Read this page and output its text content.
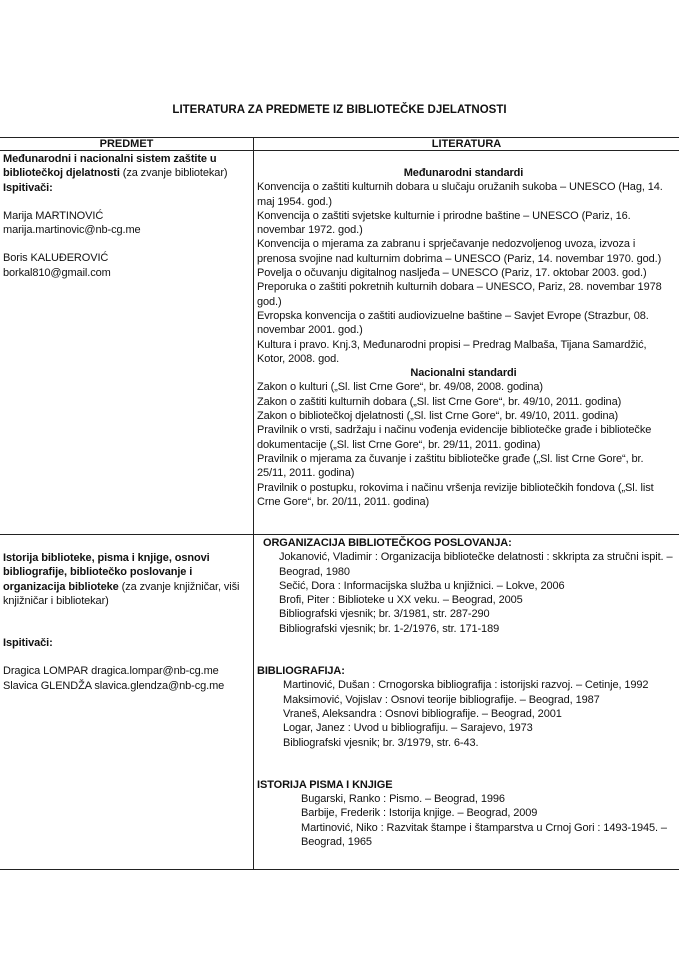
LITERATURA ZA PREDMETE IZ BIBLIOTEČKE DJELATNOSTI
PREDMET	LITERATURA

Međunarodni i nacionalni sistem zaštite u bibliotečkoj djelatnosti (za zvanje bibliotekar)

Ispitivači:

Marija MARTINOVIĆ

marija.martinovic@nb-cg.me

Boris KALUĐEROVIĆ

borkal810@gmail.com

Međunarodni standardi

Konvencija o zaštiti kulturnih dobara u slučaju oružanih sukoba – UNESCO (Hag, 14. maj 1954. god.)

Konvencija o zaštiti svjetske kulturnie i prirodne baštine – UNESCO (Pariz, 16. novembar 1972. god.)

Konvencija o mjerama za zabranu i sprječavanje nedozvoljenog uvoza, izvoza i prenosa svojine nad kulturnim dobrima – UNESCO (Pariz, 14. novembar 1970. god.)

Povelja o očuvanju digitalnog nasljeđa – UNESCO (Pariz, 17. oktobar 2003. god.)

Preporuka o zaštiti pokretnih kulturnih dobara – UNESCO, Pariz, 28. novembar 1978 god.)

Evropska konvencija o zaštiti audiovizuelne baštine – Savjet Evrope (Strazbur, 08. novembar 2001. god.)

Kultura i pravo. Knj.3, Međunarodni propisi – Predrag Malbaša, Tijana Samardžić, Kotor, 2008. god.

Nacionalni standardi

Zakon o kulturi („Sl. list Crne Gore“, br. 49/08, 2008. godina)

Zakon o zaštiti kulturnih dobara („Sl. list Crne Gore“, br. 49/10, 2011. godina)

Zakon o bibliotečkoj djelatnosti („Sl. list Crne Gore“, br. 49/10, 2011. godina)

Pravilnik o vrsti, sadržaju i načinu vođenja evidencije bibliotečke građe i bibliotečke dokumentacije („Sl. list Crne Gore“, br. 29/11, 2011. godina)

Pravilnik o mjerama za čuvanje i zaštitu bibliotečke građe („Sl. list Crne Gore“, br. 25/11, 2011. godina)

Pravilnik o postupku, rokovima i načinu vršenja revizije bibliotečkih fondova („Sl. list Crne Gore“, br. 20/11, 2011. godina)

Istorija biblioteke, pisma i knjige, osnovi bibliografije, bibliotečko poslovanje i organizacija biblioteke (za zvanje knjižničar, viši knjižničar i bibliotekar)

Ispitivači:

Dragica LOMPAR dragica.lompar@nb-cg.me

Slavica GLENDŽA slavica.glendza@nb-cg.me

ORGANIZACIJA BIBLIOTEČKOG POSLOVANJA:

Jokanović, Vladimir : Organizacija bibliotečke delatnosti : skkripta za stručni ispit. – Beograd, 1980

Sečić, Dora : Informacijska služba u knjižnici. – Lokve, 2006

Brofi, Piter : Biblioteke u XX veku. – Beograd, 2005

Bibliografski vjesnik; br. 3/1981, str. 287-290

Bibliografski vjesnik; br. 1-2/1976, str. 171-189

BIBLIOGRAFIJA:

Martinović, Dušan : Crnogorska bibliografija : istorijski razvoj. – Cetinje, 1992

Maksimović, Vojislav : Osnovi teorije bibliografije. – Beograd, 1987

Vraneš, Aleksandra : Osnovi bibliografije. – Beograd, 2001

Logar, Janez : Uvod u bibliografiju. – Sarajevo, 1973

Bibliografski vjesnik; br. 3/1979, str. 6-43.

ISTORIJA PISMA I KNJIGE

Bugarski, Ranko : Pismo. – Beograd, 1996

Barbije, Frederik : Istorija knjige. – Beograd, 2009

Martinović, Niko : Razvitak štampe i štamparstva u Crnoj Gori : 1493-1945. – Beograd, 1965
